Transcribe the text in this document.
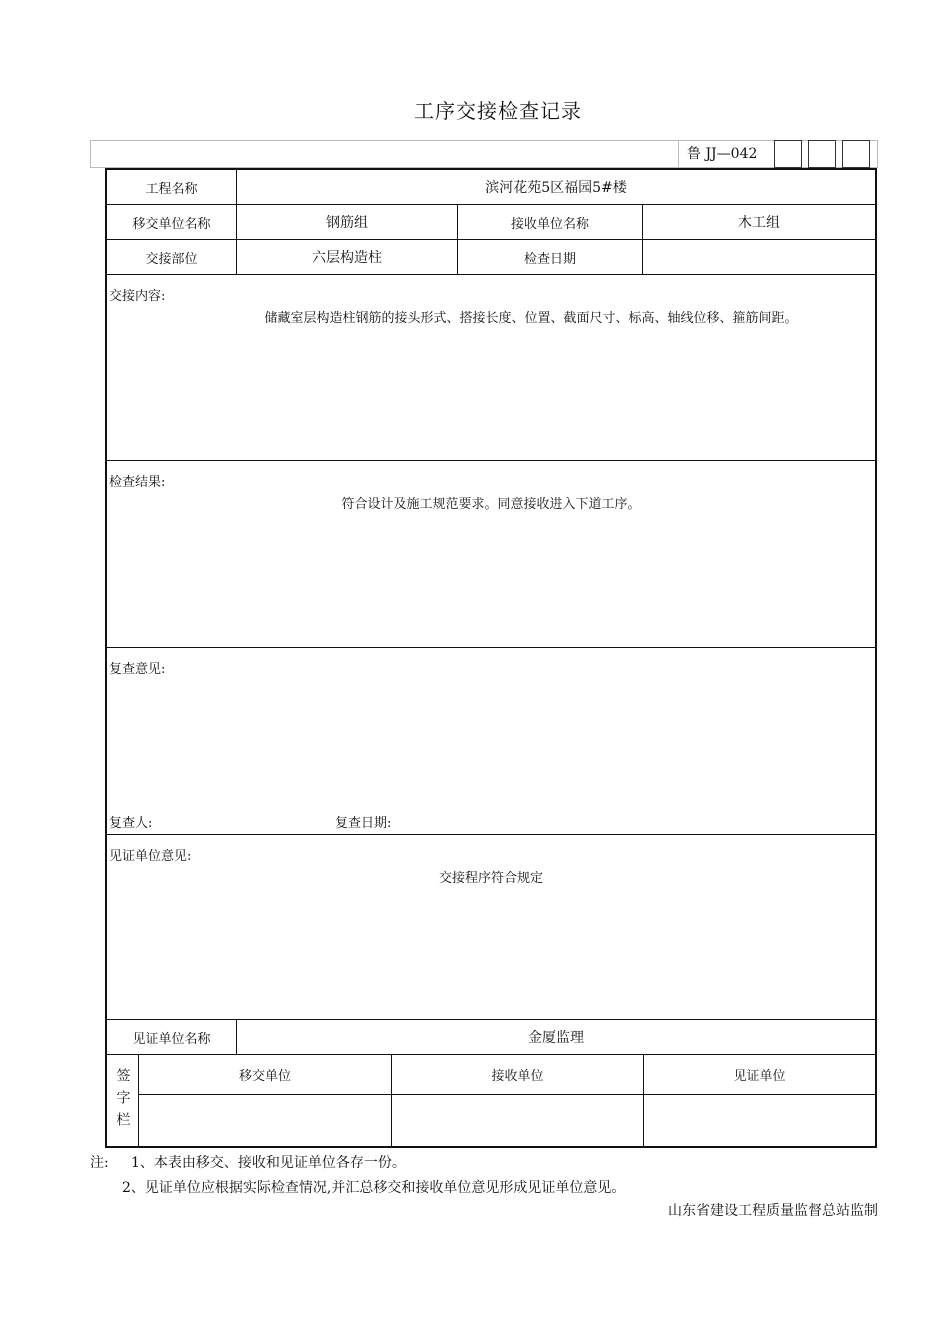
工序交接检查记录
鲁 JJ—042
工程名称	滨河花苑5区福园5#楼
移交单位名称	钢筋组	接收单位名称	木工组
交接部位	六层构造柱	检查日期
交接内容:
储藏室层构造柱钢筋的接头形式、搭接长度、位置、截面尺寸、标高、轴线位移、箍筋间距。
检查结果:
符合设计及施工规范要求。同意接收进入下道工序。
复查意见:
复查人:	复查日期:
见证单位意见:
交接程序符合规定
见证单位名称	金厦监理
签字栏	移交单位	接收单位	见证单位
注:     1、本表由移交、接收和见证单位各存一份。
2、见证单位应根据实际检查情况,并汇总移交和接收单位意见形成见证单位意见。
山东省建设工程质量监督总站监制
